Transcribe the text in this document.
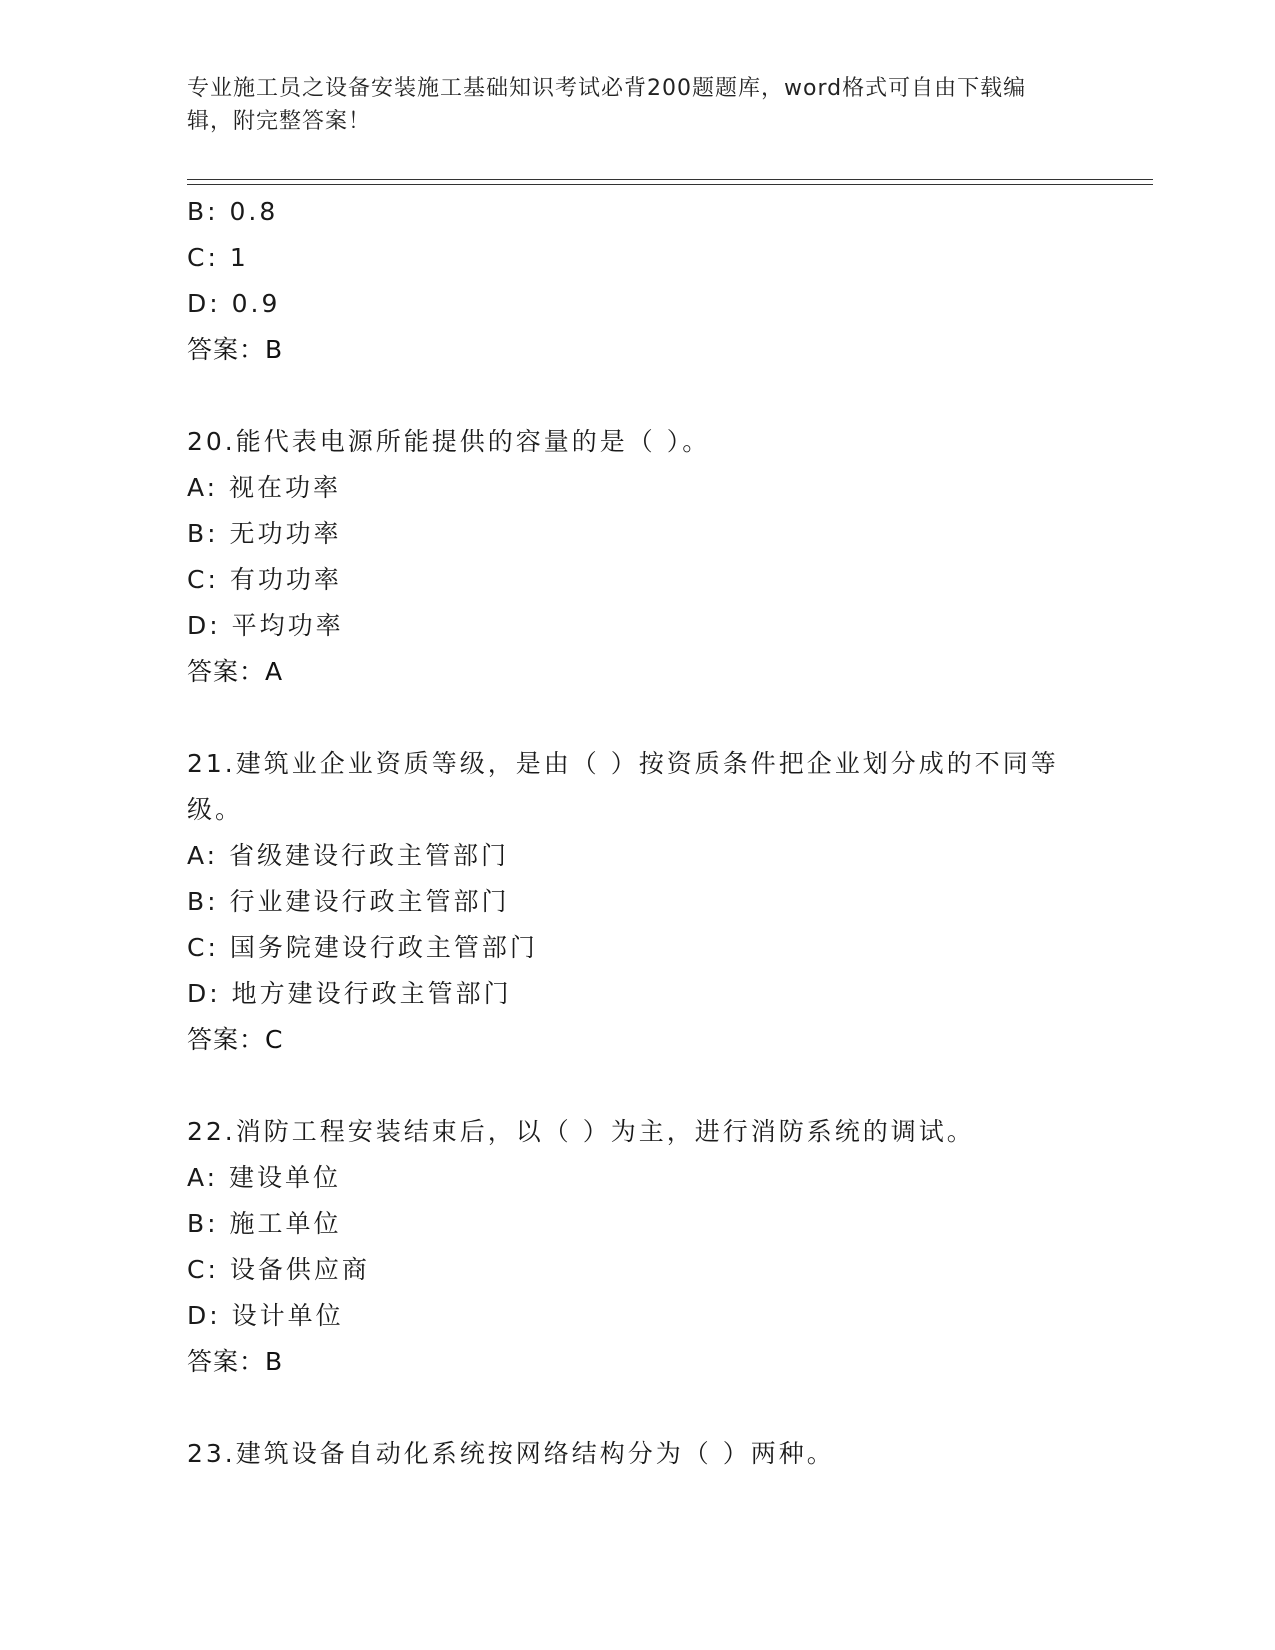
专业施工员之设备安装施工基础知识考试必背200题题库，word格式可自由下载编辑，附完整答案！
B: 0.8
C: 1
D: 0.9
答案：B
20.能代表电源所能提供的容量的是（ ）。
A: 视在功率
B: 无功功率
C: 有功功率
D: 平均功率
答案：A
21.建筑业企业资质等级，是由（ ）按资质条件把企业划分成的不同等级。
A: 省级建设行政主管部门
B: 行业建设行政主管部门
C: 国务院建设行政主管部门
D: 地方建设行政主管部门
答案：C
22.消防工程安装结束后，以（ ）为主，进行消防系统的调试。
A: 建设单位
B: 施工单位
C: 设备供应商
D: 设计单位
答案：B
23.建筑设备自动化系统按网络结构分为（ ）两种。
